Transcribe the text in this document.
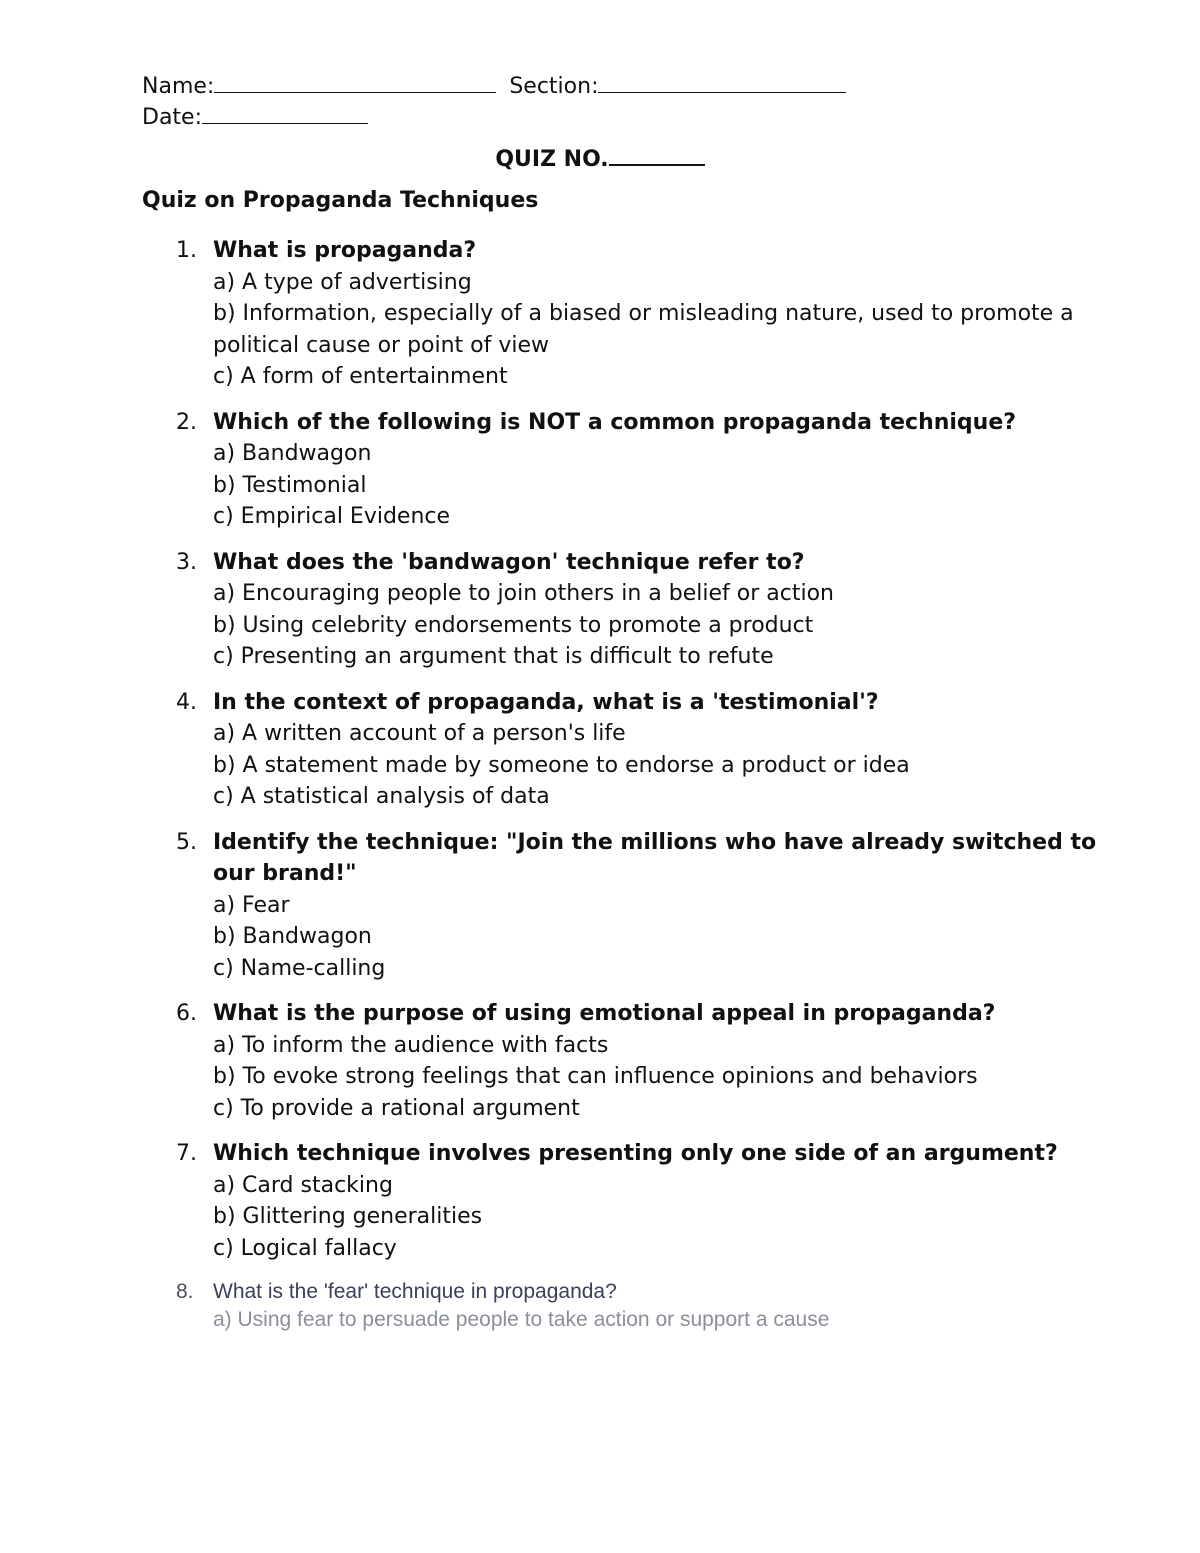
Name:	Section:
Date:
QUIZ NO.
Quiz on Propaganda Techniques
1. What is propaganda?
a) A type of advertising
b) Information, especially of a biased or misleading nature, used to promote a political cause or point of view
c) A form of entertainment
2. Which of the following is NOT a common propaganda technique?
a) Bandwagon
b) Testimonial
c) Empirical Evidence
3. What does the 'bandwagon' technique refer to?
a) Encouraging people to join others in a belief or action
b) Using celebrity endorsements to promote a product
c) Presenting an argument that is difficult to refute
4. In the context of propaganda, what is a 'testimonial'?
a) A written account of a person's life
b) A statement made by someone to endorse a product or idea
c) A statistical analysis of data
5. Identify the technique: "Join the millions who have already switched to our brand!"
a) Fear
b) Bandwagon
c) Name-calling
6. What is the purpose of using emotional appeal in propaganda?
a) To inform the audience with facts
b) To evoke strong feelings that can influence opinions and behaviors
c) To provide a rational argument
7. Which technique involves presenting only one side of an argument?
a) Card stacking
b) Glittering generalities
c) Logical fallacy
8. What is the 'fear' technique in propaganda?
a) Using fear to persuade people to take action or support a cause
